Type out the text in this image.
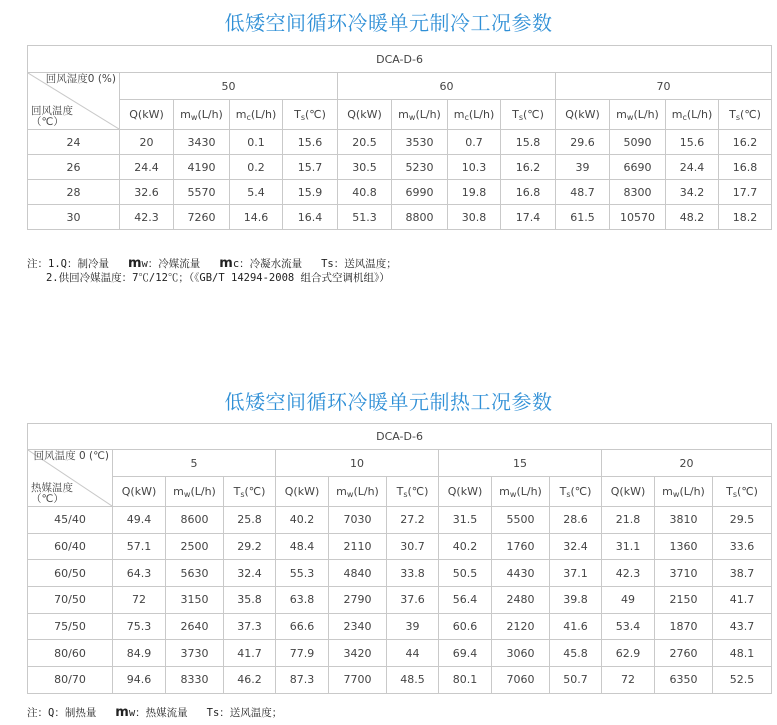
低矮空间循环冷暖单元制冷工况参数
DCA-D-6												

回风湿度0 (%)
回风温度（℃）	50				60				70			
	Q(kW)	$m_w(L/h)$	$m_c(L/h)$	$T_s(℃)$	Q(kW)	$m_w(L/h)$	$m_c(L/h)$	$T_s(℃)$	Q(kW)	$m_w(L/h)$	$m_c(L/h)$	$T_s(℃)$
24	20	3430	0.1	15.6	20.5	3530	0.7	15.8	29.6	5090	15.6	16.2
26	24.4	4190	0.2	15.7	30.5	5230	10.3	16.2	39	6690	24.4	16.8
28	32.6	5570	5.4	15.9	40.8	6990	19.8	16.8	48.7	8300	34.2	17.7
30	42.3	7260	14.6	16.4	51.3	8800	30.8	17.4	61.5	10570	48.2	18.2
注：1.Q：制冷量   mw：冷媒流量   mc：冷凝水流量   Ts：送风温度；
2.供回冷媒温度：7℃/12℃；（《GB/T 14294-2008 组合式空调机组》）
低矮空间循环冷暖单元制热工况参数
DCA-D-6												

回风温度 0 (℃)
热媒温度（℃）	5			10			15			20		
	Q(kW)	$m_w(L/h)$	$T_s(℃)$	Q(kW)	$m_w(L/h)$	$T_s(℃)$	Q(kW)	$m_w(L/h)$	$T_s(℃)$	Q(kW)	$m_w(L/h)$	$T_s(℃)$
45/40	49.4	8600	25.8	40.2	7030	27.2	31.5	5500	28.6	21.8	3810	29.5
60/40	57.1	2500	29.2	48.4	2110	30.7	40.2	1760	32.4	31.1	1360	33.6
60/50	64.3	5630	32.4	55.3	4840	33.8	50.5	4430	37.1	42.3	3710	38.7
70/50	72	3150	35.8	63.8	2790	37.6	56.4	2480	39.8	49	2150	41.7
75/50	75.3	2640	37.3	66.6	2340	39	60.6	2120	41.6	53.4	1870	43.7
80/60	84.9	3730	41.7	77.9	3420	44	69.4	3060	45.8	62.9	2760	48.1
80/70	94.6	8330	46.2	87.3	7700	48.5	80.1	7060	50.7	72	6350	52.5
注：Q：制热量   mw：热媒流量   Ts：送风温度；
